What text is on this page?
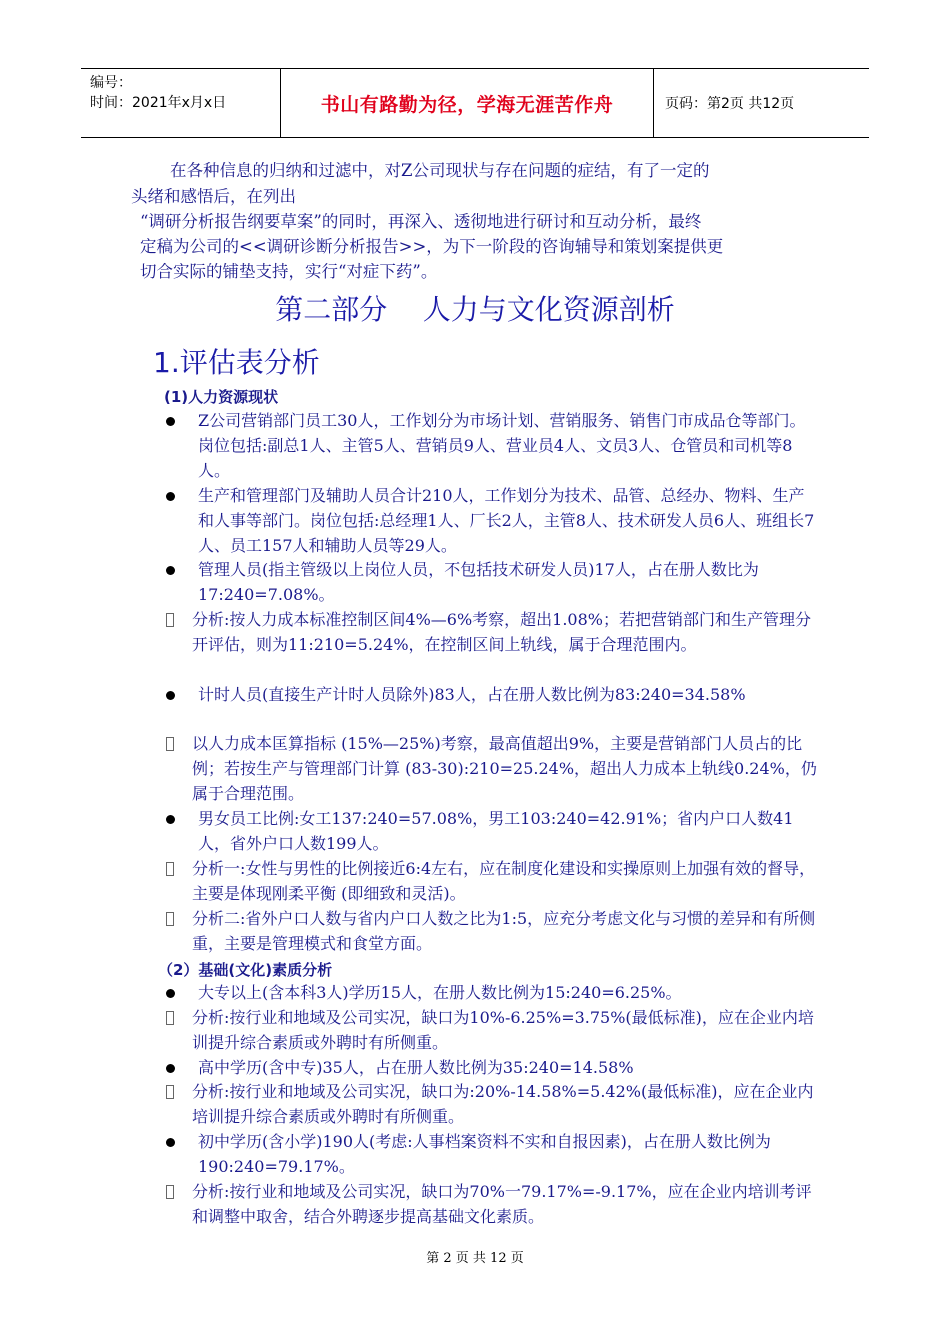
编号：
时间：2021年x月x日	书山有路勤为径，学海无涯苦作舟	页码：第2页 共12页
在各种信息的归纳和过滤中，对Z公司现状与存在问题的症结，有了一定的
头绪和感悟后，在列出
“调研分析报告纲要草案”的同时，再深入、透彻地进行研讨和互动分析，最终
定稿为公司的<<调研诊断分析报告>>，为下一阶段的咨询辅导和策划案提供更
切合实际的铺垫支持，实行“对症下药”。
第二部分    人力与文化资源剖析
1.评估表分析
(1)人力资源现状
Z公司营销部门员工30人，工作划分为市场计划、营销服务、销售门市成品仓等部门。岗位包括:副总1人、主管5人、营销员9人、营业员4人、文员3人、仓管员和司机等8人。
生产和管理部门及辅助人员合计210人，工作划分为技术、品管、总经办、物料、生产和人事等部门。岗位包括:总经理1人、厂长2人，主管8人、技术研发人员6人、班组长7人、员工157人和辅助人员等29人。
管理人员(指主管级以上岗位人员，不包括技术研发人员)17人，占在册人数比为17:240=7.08%。
分析:按人力成本标准控制区间4%—6%考察，超出1.08%；若把营销部门和生产管理分开评估，则为11:210=5.24%，在控制区间上轨线，属于合理范围内。
计时人员(直接生产计时人员除外)83人，占在册人数比例为83:240=34.58%
以人力成本匡算指标 (15%—25%)考察，最高值超出9%，主要是营销部门人员占的比例；若按生产与管理部门计算 (83-30):210=25.24%，超出人力成本上轨线0.24%，仍属于合理范围。
男女员工比例:女工137:240=57.08%，男工103:240=42.91%；省内户口人数41人，省外户口人数199人。
分析一:女性与男性的比例接近6:4左右，应在制度化建设和实操原则上加强有效的督导，主要是体现刚柔平衡 (即细致和灵活)。
分析二:省外户口人数与省内户口人数之比为1:5，应充分考虑文化与习惯的差异和有所侧重，主要是管理模式和食堂方面。
（2）基础(文化)素质分析
大专以上(含本科3人)学历15人，在册人数比例为15:240=6.25%。
分析:按行业和地域及公司实况，缺口为10%-6.25%=3.75%(最低标准)，应在企业内培训提升综合素质或外聘时有所侧重。
高中学历(含中专)35人，占在册人数比例为35:240=14.58%
分析:按行业和地域及公司实况，缺口为:20%-14.58%=5.42%(最低标准)，应在企业内培训提升综合素质或外聘时有所侧重。
初中学历(含小学)190人(考虑:人事档案资料不实和自报因素)，占在册人数比例为190:240=79.17%。
分析:按行业和地域及公司实况，缺口为70%一79.17%=-9.17%，应在企业内培训考评和调整中取舍，结合外聘逐步提高基础文化素质。
第 2 页 共 12 页
